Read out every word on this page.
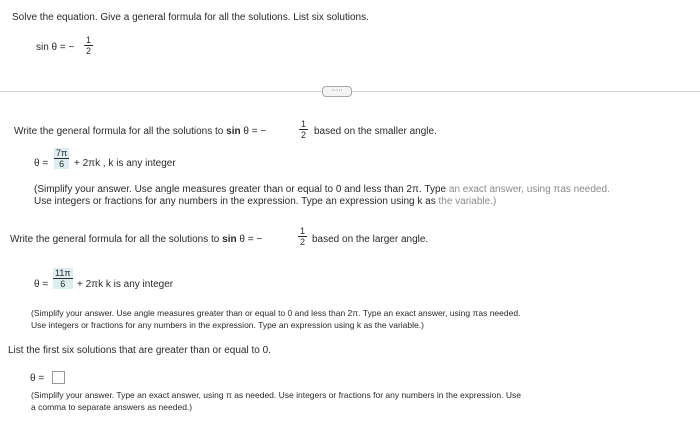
Solve the equation. Give a general formula for all the solutions. List six solutions.
sin θ = −
1
2
·····
Write the general formula for all the solutions to sin θ = −
1
2 based on the smaller angle.
θ =
7π
6 + 2πk , k is any integer
(Simplify your answer. Use angle measures greater than or equal to 0 and less than 2π. Type an exact answer, using πas needed.
Use integers or fractions for any numbers in the expression. Type an expression using k as the variable.)
Write the general formula for all the solutions to sin θ = −
1
2 based on the larger angle.
θ =
11π
6 + 2πk k is any integer
(Simplify your answer. Use angle measures greater than or equal to 0 and less than 2π. Type an exact answer, using πas needed.
Use integers or fractions for any numbers in the expression. Type an expression using k as the variable.)
List the first six solutions that are greater than or equal to 0.
θ =
(Simplify your answer. Type an exact answer, using π as needed. Use integers or fractions for any numbers in the expression. Use
a comma to separate answers as needed.)
